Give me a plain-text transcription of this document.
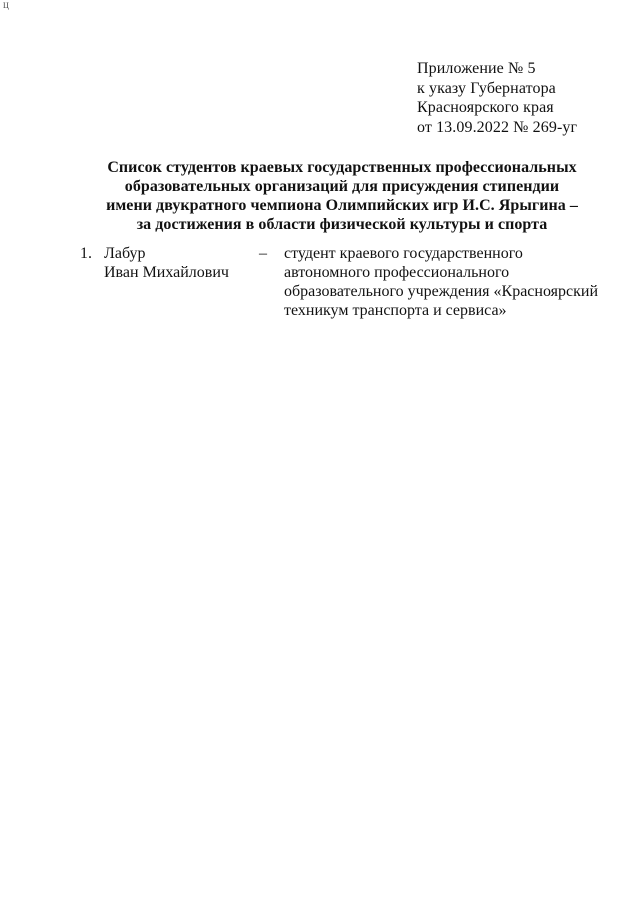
Ц
Приложение № 5
к указу Губернатора
Красноярского края
от 13.09.2022 № 269-уг
Список студентов краевых государственных профессиональных
образовательных организаций для присуждения стипендии
имени двукратного чемпиона Олимпийских игр И.С. Ярыгина –
за достижения в области физической культуры и спорта
1. Лабур
Иван Михайлович
– студент краевого государственного
автономного профессионального
образовательного учреждения «Красноярский
техникум транспорта и сервиса»
